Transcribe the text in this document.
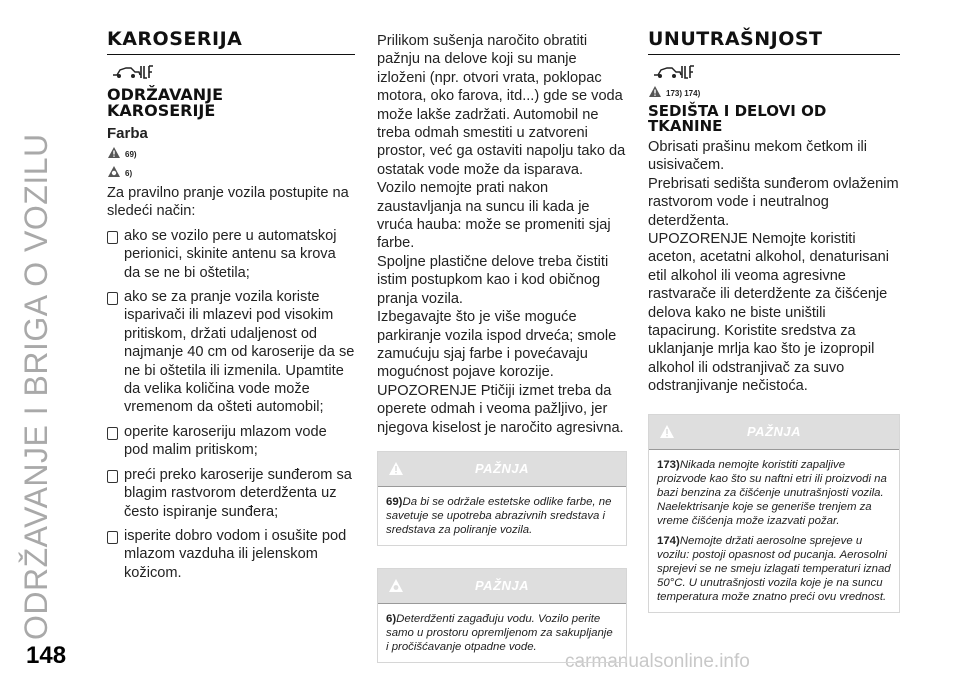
ODRŽAVANJE I BRIGA O VOZILU
148	carmanualsonline.info
KAROSERIJA
ODRŽAVANJE
KAROSERIJE
Farba
69)
6)

Za pravilno pranje vozila postupite na sledeći način:

ako se vozilo pere u automatskoj perionici, skinite antenu sa krova da se ne bi oštetila;

ako se za pranje vozila koriste isparivači ili mlazevi pod visokim pritiskom, držati udaljenost od najmanje 40 cm od karoserije da se ne bi oštetila ili izmenila. Upamtite da velika količina vode može vremenom da ošteti automobil;

operite karoseriju mlazom vode pod malim pritiskom;

preći preko karoserije sunđerom sa blagim rastvorom deterdženta uz često ispiranje sunđera;

isperite dobro vodom i osušite pod mlazom vazduha ili jelenskom kožicom.

Prilikom sušenja naročito obratiti pažnju na delove koji su manje izloženi (npr. otvori vrata, poklopac motora, oko farova, itd...) gde se voda može lakše zadržati. Automobil ne treba odmah smestiti u zatvoreni prostor, već ga ostaviti napolju tako da ostatak vode može da isparava.

Vozilo nemojte prati nakon zaustavljanja na suncu ili kada je vruća hauba: može se promeniti sjaj farbe.

Spoljne plastične delove treba čistiti istim postupkom kao i kod običnog pranja vozila.

Izbegavajte što je više moguće parkiranje vozila ispod drveća; smole zamućuju sjaj farbe i povećavaju mogućnost pojave korozije.

UPOZORENJE Ptičiji izmet treba da operete odmah i veoma pažljivo, jer njegova kiselost je naročito agresivna.

PAŽNJA
69)Da bi se održale estetske odlike farbe, ne savetuje se upotreba abrazivnih sredstava i sredstava za poliranje vozila.
PAŽNJA
6)Deterdženti zagađuju vodu. Vozilo perite samo u prostoru opremljenom za sakupljanje i pročišćavanje otpadne vode.
UNUTRAŠNJOST
173) 174)
SEDIŠTA I DELOVI OD
TKANINE

Obrisati prašinu mekom četkom ili usisivačem.

Prebrisati sedišta sunđerom ovlaženim rastvorom vode i neutralnog deterdženta.

UPOZORENJE Nemojte koristiti aceton, acetatni alkohol, denaturisani etil alkohol ili veoma agresivne rastvarače ili deterdžente za čišćenje delova kako ne biste uništili tapacirung. Koristite sredstva za uklanjanje mrlja kao što je izopropil alkohol ili odstranjivač za suvo odstranjivanje nečistoća.

PAŽNJA
173)Nikada nemojte koristiti zapaljive proizvode kao što su naftni etri ili proizvodi na bazi benzina za čišćenje unutrašnjosti vozila. Naelektrisanje koje se generiše trenjem za vreme čišćenja može izazvati požar.
174)Nemojte držati aerosolne sprejeve u vozilu: postoji opasnost od pucanja. Aerosolni sprejevi se ne smeju izlagati temperaturi iznad 50°C. U unutrašnjosti vozila koje je na suncu temperatura može znatno preći ovu vrednost.
